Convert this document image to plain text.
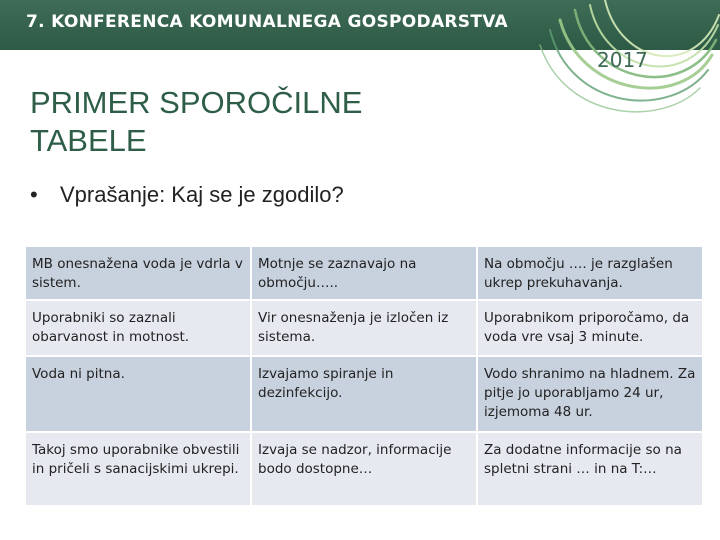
7. KONFERENCA KOMUNALNEGA GOSPODARSTVA
2017
PRIMER SPOROČILNE
TABELE
• Vprašanje: Kaj se je zgodilo?
MB onesnažena voda je vdrla v sistem.	Motnje se zaznavajo na območju…..	Na območju …. je razglašen ukrep prekuhavanja.
Uporabniki so zaznali obarvanost in motnost.	Vir onesnaženja je izločen iz sistema.	Uporabnikom priporočamo, da voda vre vsaj 3 minute.
Voda ni pitna.	Izvajamo spiranje in dezinfekcijo.	Vodo shranimo na hladnem. Za pitje jo uporabljamo 24 ur, izjemoma 48 ur.
Takoj smo uporabnike obvestili in pričeli s sanacijskimi ukrepi.	Izvaja se nadzor, informacije bodo dostopne…	Za dodatne informacije so na spletni strani … in na T:…
